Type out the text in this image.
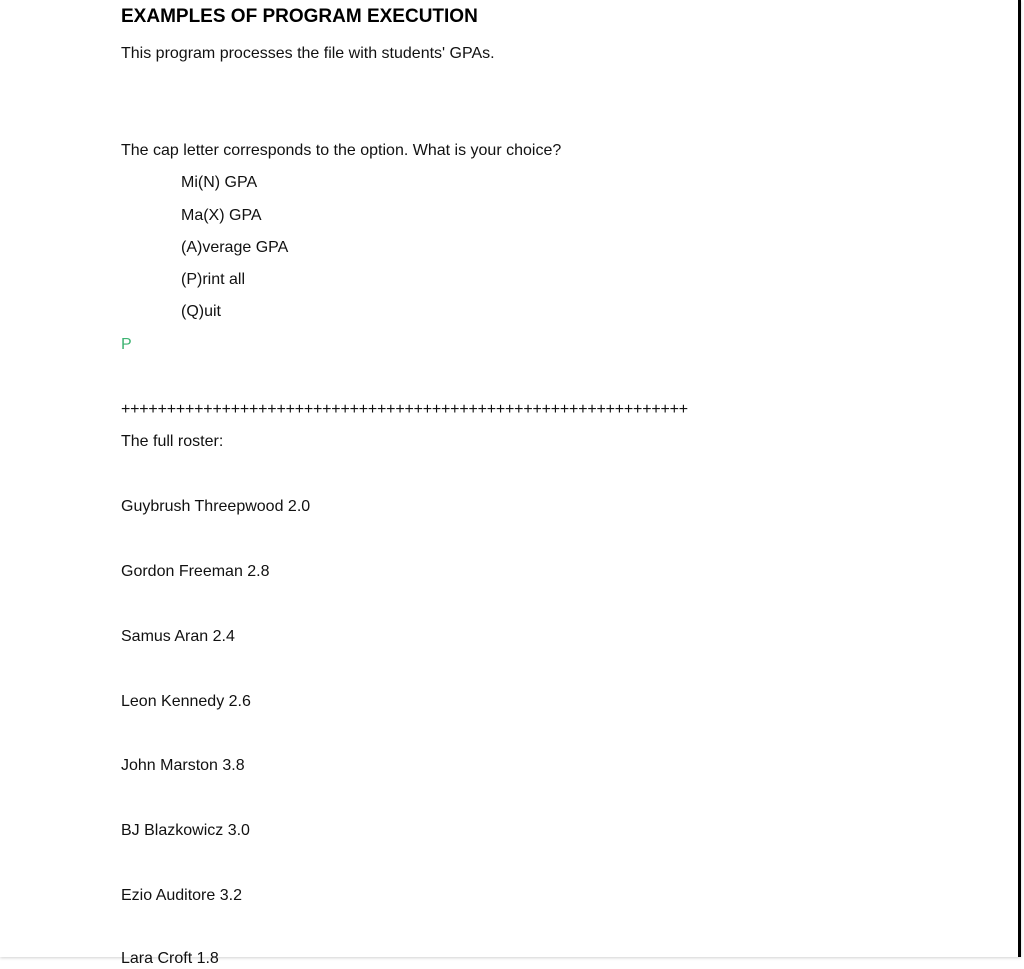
EXAMPLES OF PROGRAM EXECUTION
This program processes the file with students' GPAs.
The cap letter corresponds to the option. What is your choice?
Mi(N) GPA
Ma(X) GPA
(A)verage GPA
(P)rint all
(Q)uit
P
++++++++++++++++++++++++++++++++++++++++++++++++++++++++++++++
The full roster:
Guybrush Threepwood 2.0
Gordon Freeman 2.8
Samus Aran 2.4
Leon Kennedy 2.6
John Marston 3.8
BJ Blazkowicz 3.0
Ezio Auditore 3.2
Lara Croft 1.8
